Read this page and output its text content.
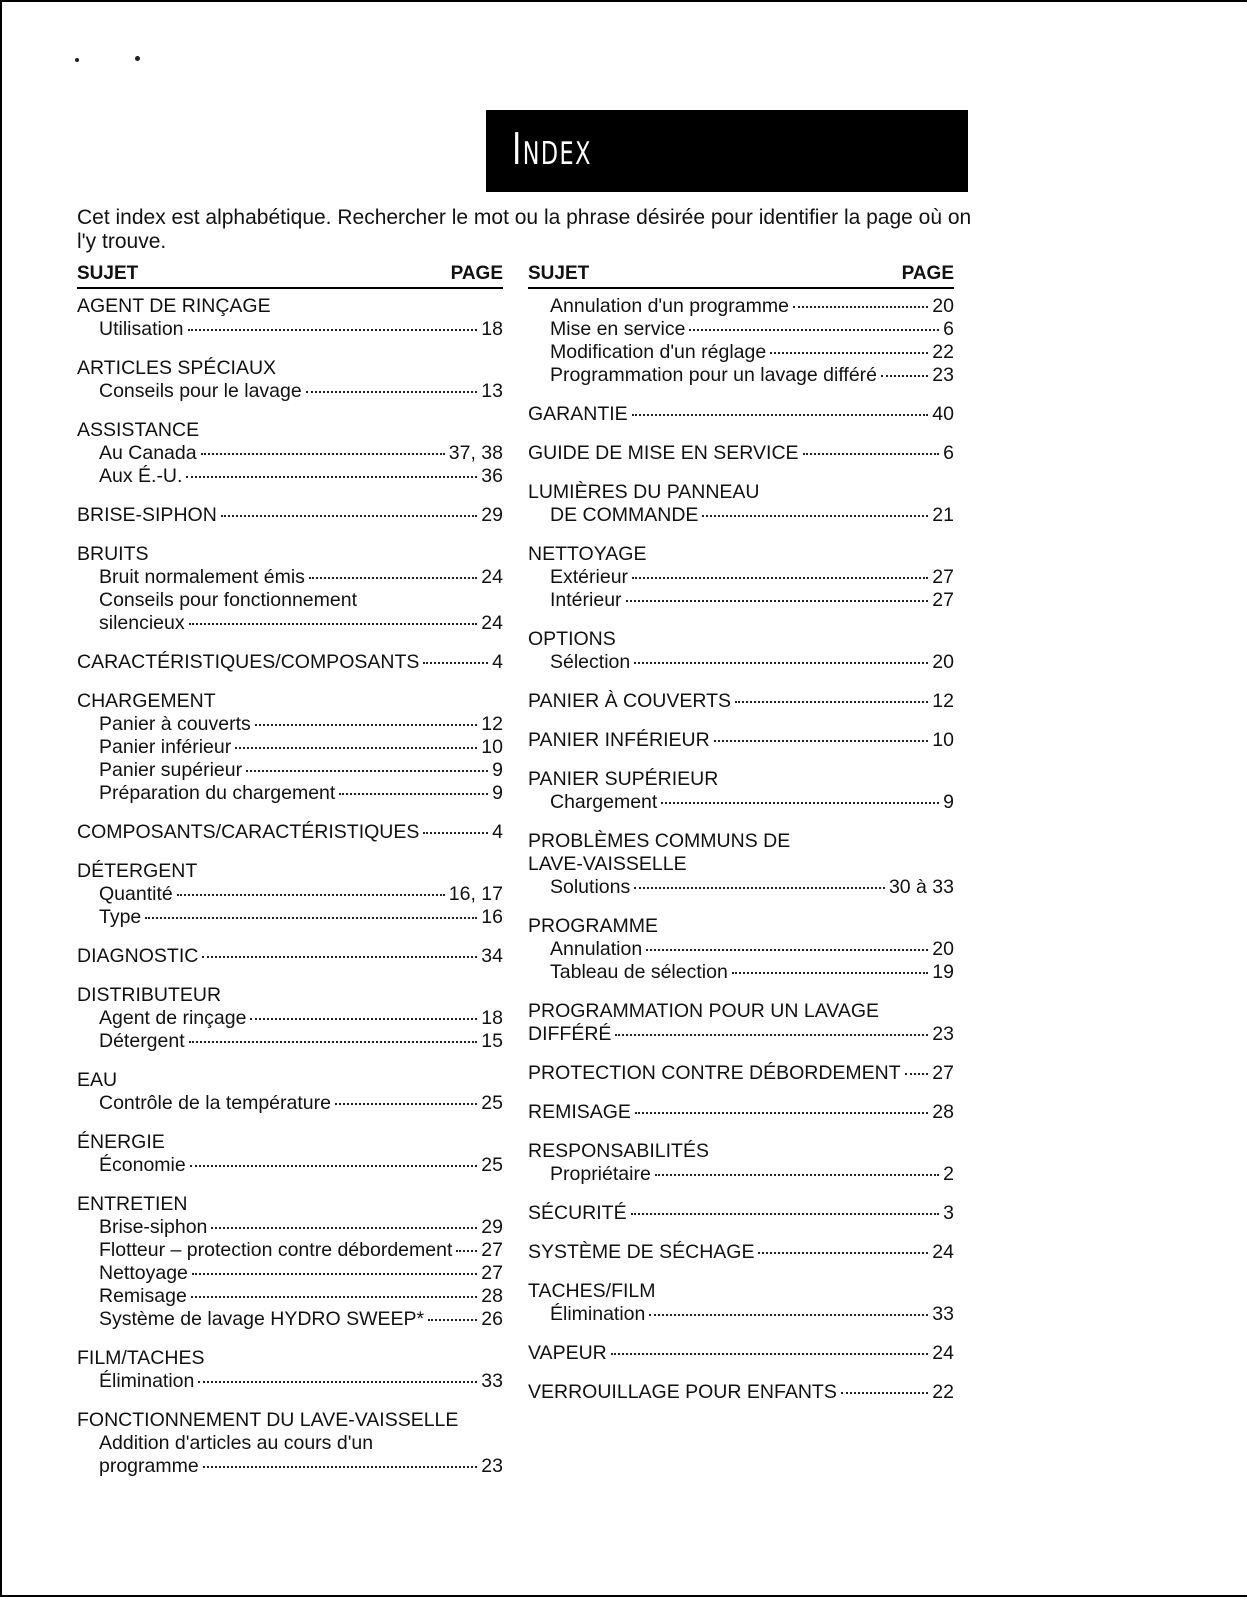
Index
Cet index est alphabétique. Rechercher le mot ou la phrase désirée pour identifier la page où on l'y trouve.
SUJET	PAGE
AGENT DE RINÇAGE
Utilisation	18
ARTICLES SPÉCIAUX
Conseils pour le lavage	13
ASSISTANCE
Au Canada	37, 38
Aux É.-U.	36
BRISE-SIPHON	29
BRUITS
Bruit normalement émis	24
Conseils pour fonctionnement
silencieux	24
CARACTÉRISTIQUES/COMPOSANTS	4
CHARGEMENT
Panier à couverts	12
Panier inférieur	10
Panier supérieur	9
Préparation du chargement	9
COMPOSANTS/CARACTÉRISTIQUES	4
DÉTERGENT
Quantité	16, 17
Type	16
DIAGNOSTIC	34
DISTRIBUTEUR
Agent de rinçage	18
Détergent	15
EAU
Contrôle de la température	25
ÉNERGIE
Économie	25
ENTRETIEN
Brise-siphon	29
Flotteur – protection contre débordement 27
Nettoyage	27
Remisage	28
Système de lavage HYDRO SWEEP*	26
FILM/TACHES
Élimination	33
FONCTIONNEMENT DU LAVE-VAISSELLE
Addition d'articles au cours d'un
programme	23
SUJET	PAGE
Annulation d'un programme	20
Mise en service	6
Modification d'un réglage	22
Programmation pour un lavage différé	23
GARANTIE	40
GUIDE DE MISE EN SERVICE	6
LUMIÈRES DU PANNEAU
DE COMMANDE	21
NETTOYAGE
Extérieur	27
Intérieur	27
OPTIONS
Sélection	20
PANIER À COUVERTS	12
PANIER INFÉRIEUR	10
PANIER SUPÉRIEUR
Chargement	9
PROBLÈMES COMMUNS DE
LAVE-VAISSELLE
Solutions	30 à 33
PROGRAMME
Annulation	20
Tableau de sélection	19
PROGRAMMATION POUR UN LAVAGE
DIFFÉRÉ	23
PROTECTION CONTRE DÉBORDEMENT 27
REMISAGE	28
RESPONSABILITÉS
Propriétaire	2
SÉCURITÉ	3
SYSTÈME DE SÉCHAGE	24
TACHES/FILM
Élimination	33
VAPEUR	24
VERROUILLAGE POUR ENFANTS	22
